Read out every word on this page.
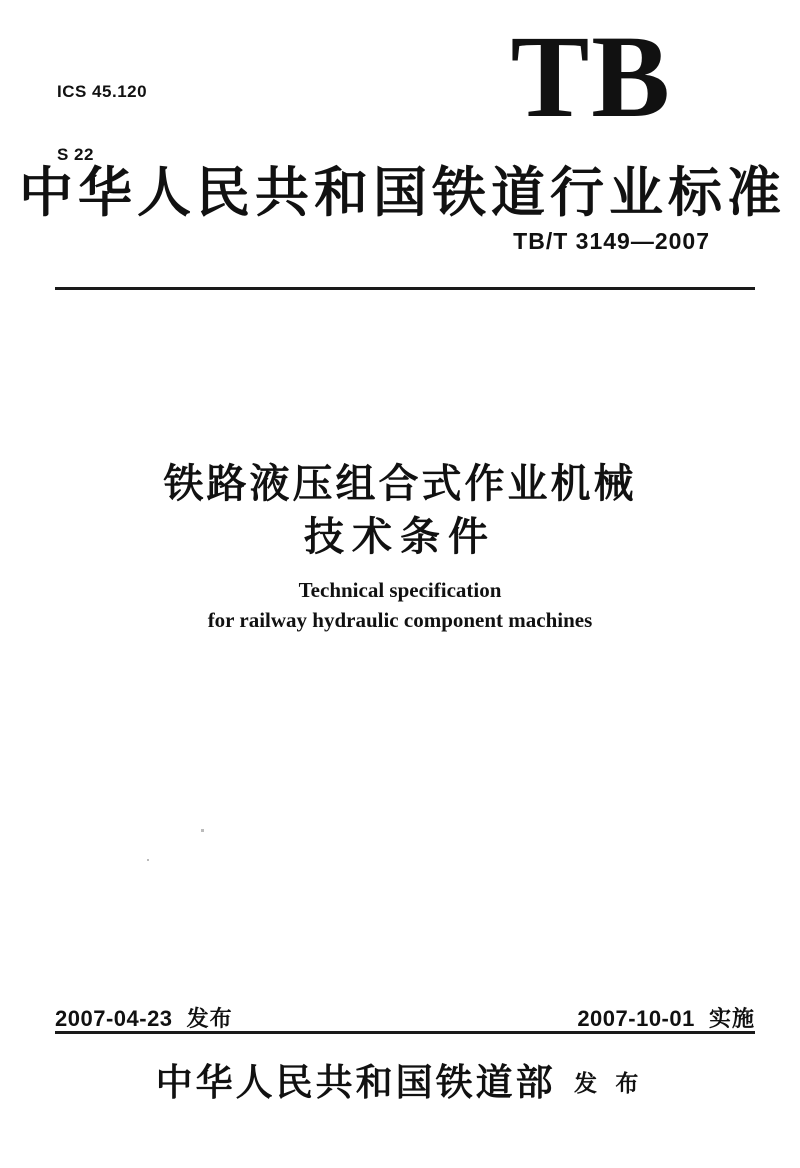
ICS 45.120

S 22

TB
中华人民共和国铁道行业标准
TB/T 3149—2007
铁路液压组合式作业机械
技术条件
Technical specification
for railway hydraulic component machines
2007-04-23 发布	2007-10-01 实施
中华人民共和国铁道部 发 布
